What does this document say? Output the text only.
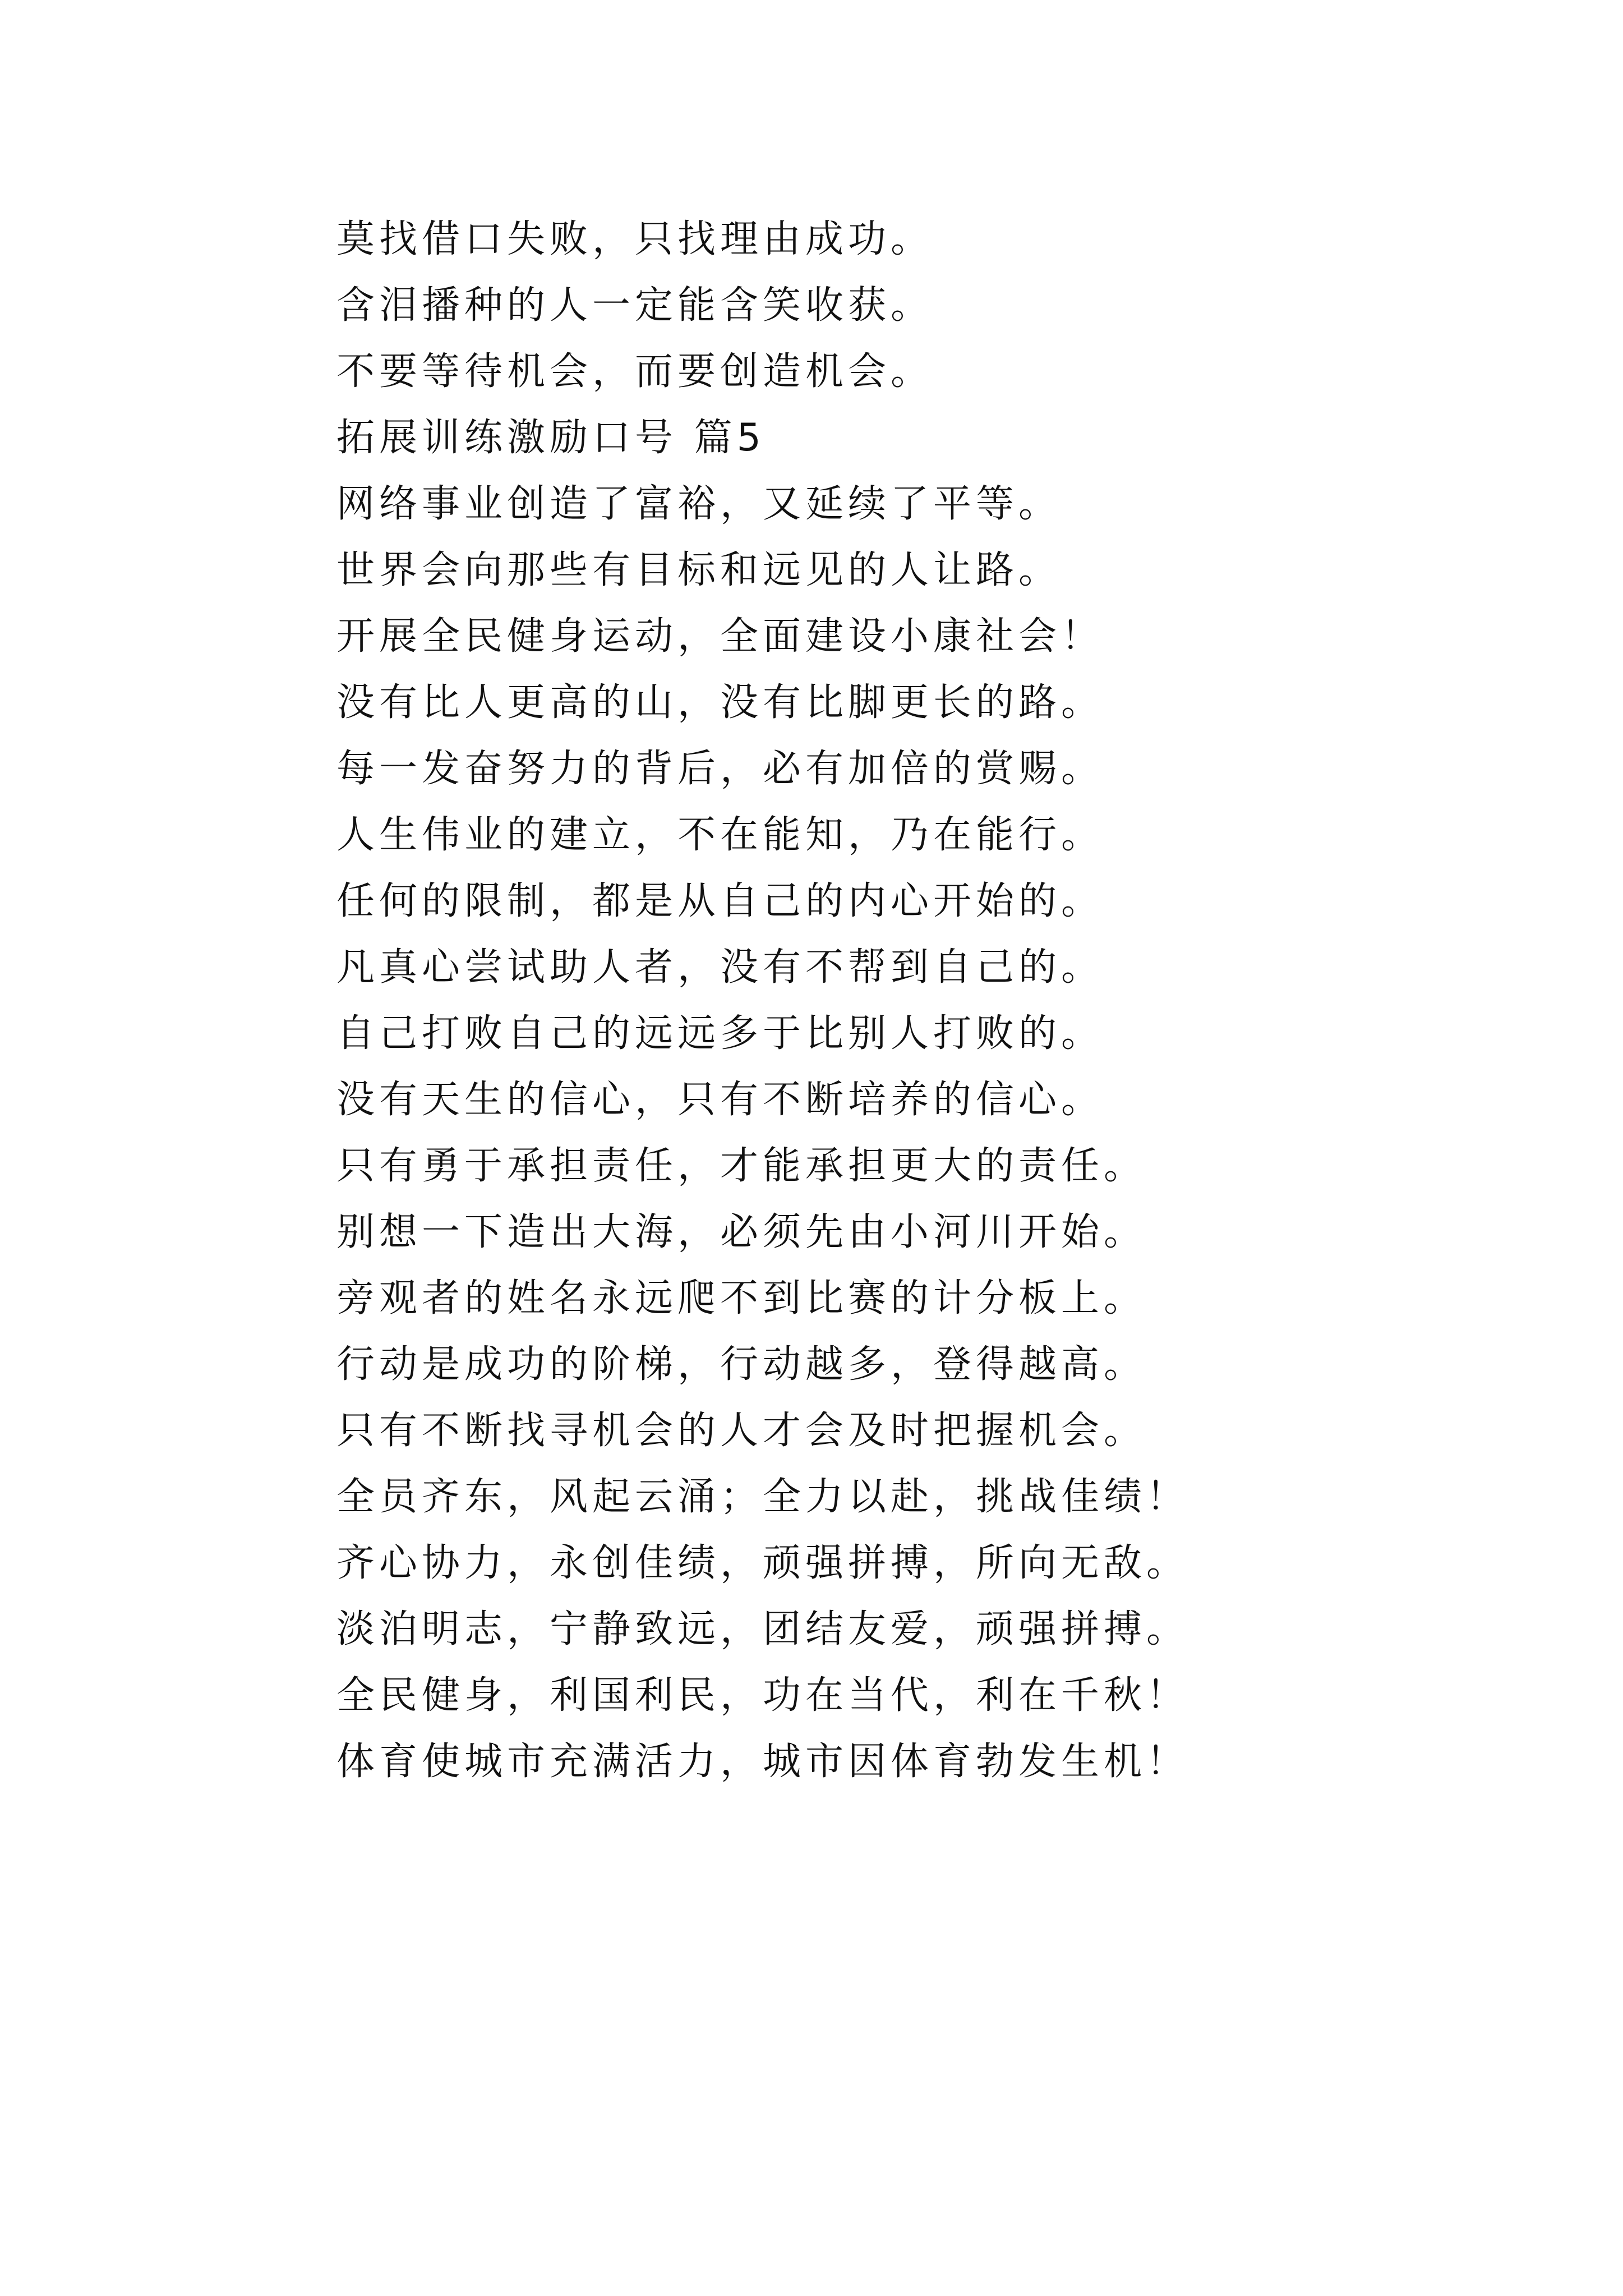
莫找借口失败，只找理由成功。
含泪播种的人一定能含笑收获。
不要等待机会，而要创造机会。
拓展训练激励口号 篇5
网络事业创造了富裕，又延续了平等。
世界会向那些有目标和远见的人让路。
开展全民健身运动，全面建设小康社会！
没有比人更高的山，没有比脚更长的路。
每一发奋努力的背后，必有加倍的赏赐。
人生伟业的建立，不在能知，乃在能行。
任何的限制，都是从自己的内心开始的。
凡真心尝试助人者，没有不帮到自己的。
自己打败自己的远远多于比别人打败的。
没有天生的信心，只有不断培养的信心。
只有勇于承担责任，才能承担更大的责任。
别想一下造出大海，必须先由小河川开始。
旁观者的姓名永远爬不到比赛的计分板上。
行动是成功的阶梯，行动越多，登得越高。
只有不断找寻机会的人才会及时把握机会。
全员齐东，风起云涌；全力以赴，挑战佳绩！
齐心协力，永创佳绩，顽强拼搏，所向无敌。
淡泊明志，宁静致远，团结友爱，顽强拼搏。
全民健身，利国利民，功在当代，利在千秋！
体育使城市充满活力，城市因体育勃发生机！
